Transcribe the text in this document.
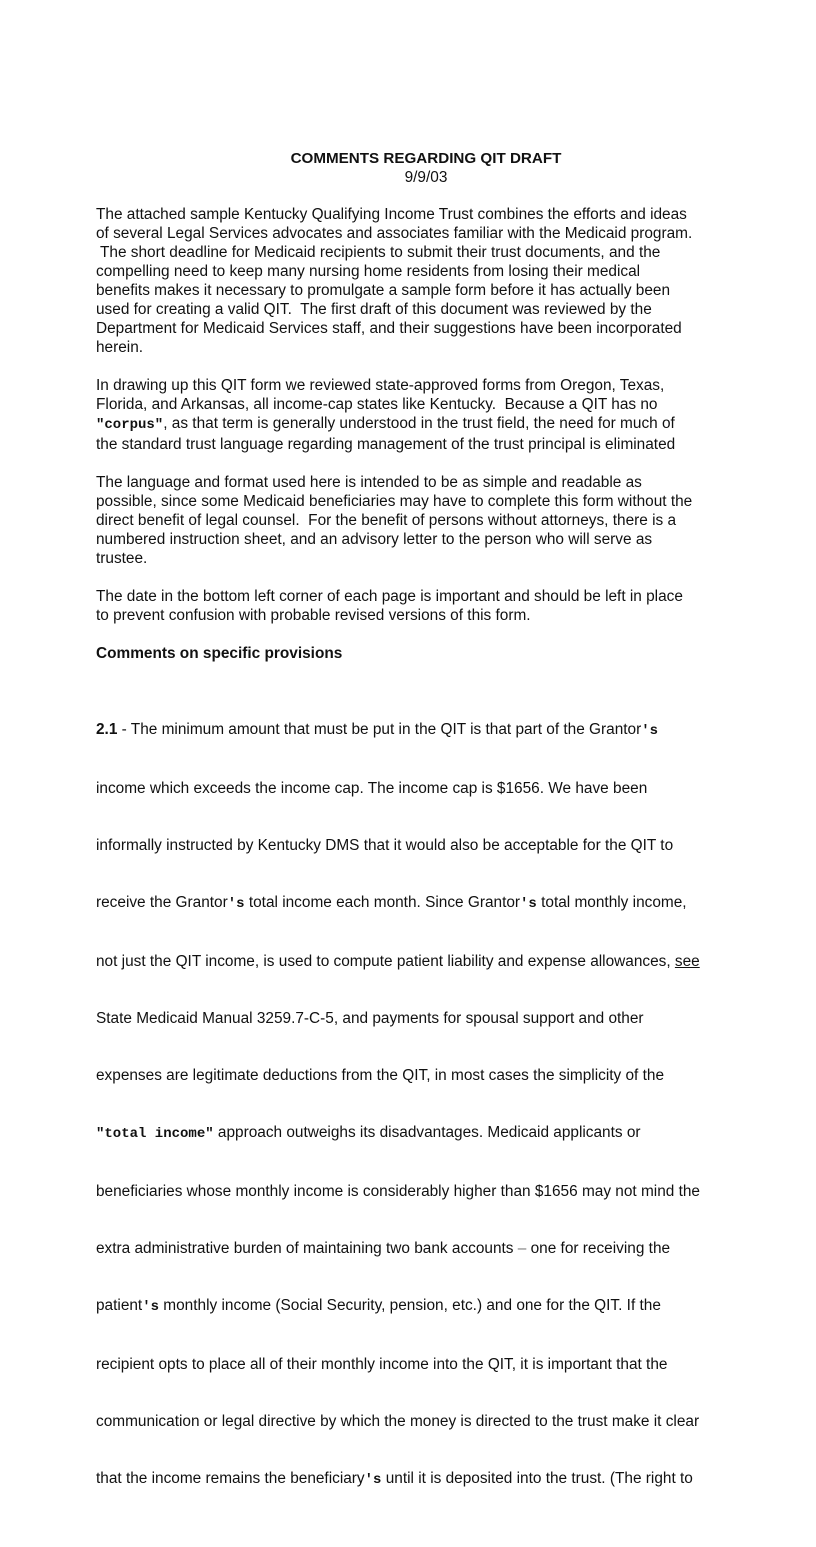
COMMENTS REGARDING QIT DRAFT

9/9/03

The attached sample Kentucky Qualifying Income Trust combines the efforts and ideas
of several Legal Services advocates and associates familiar with the Medicaid program.
The short deadline for Medicaid recipients to submit their trust documents, and the
compelling need to keep many nursing home residents from losing their medical
benefits makes it necessary to promulgate a sample form before it has actually been
used for creating a valid QIT.  The first draft of this document was reviewed by the
Department for Medicaid Services staff, and their suggestions have been incorporated
herein.
In drawing up this QIT form we reviewed state-approved forms from Oregon, Texas,
Florida, and Arkansas, all income-cap states like Kentucky.  Because a QIT has no
"corpus", as that term is generally understood in the trust field, the need for much of
the standard trust language regarding management of the trust principal is eliminated
The language and format used here is intended to be as simple and readable as
possible, since some Medicaid beneficiaries may have to complete this form without the
direct benefit of legal counsel.  For the benefit of persons without attorneys, there is a
numbered instruction sheet, and an advisory letter to the person who will serve as
trustee.
The date in the bottom left corner of each page is important and should be left in place
to prevent confusion with probable revised versions of this form.

Comments on specific provisions

2.1 - The minimum amount that must be put in the QIT is that part of the Grantor's

income which exceeds the income cap. The income cap is $1656. We have been

informally instructed by Kentucky DMS that it would also be acceptable for the QIT to

receive the Grantor's total income each month. Since Grantor's total monthly income,

not just the QIT income, is used to compute patient liability and expense allowances, see

State Medicaid Manual 3259.7-C-5, and payments for spousal support and other

expenses are legitimate deductions from the QIT, in most cases the simplicity of the

"total income" approach outweighs its disadvantages. Medicaid applicants or

beneficiaries whose monthly income is considerably higher than $1656 may not mind the

extra administrative burden of maintaining two bank accounts – one for receiving the

patient's monthly income (Social Security, pension, etc.) and one for the QIT. If the

recipient opts to place all of their monthly income into the QIT, it is important that the

communication or legal directive by which the money is directed to the trust make it clear

that the income remains the beneficiary's until it is deposited into the trust. (The right to
